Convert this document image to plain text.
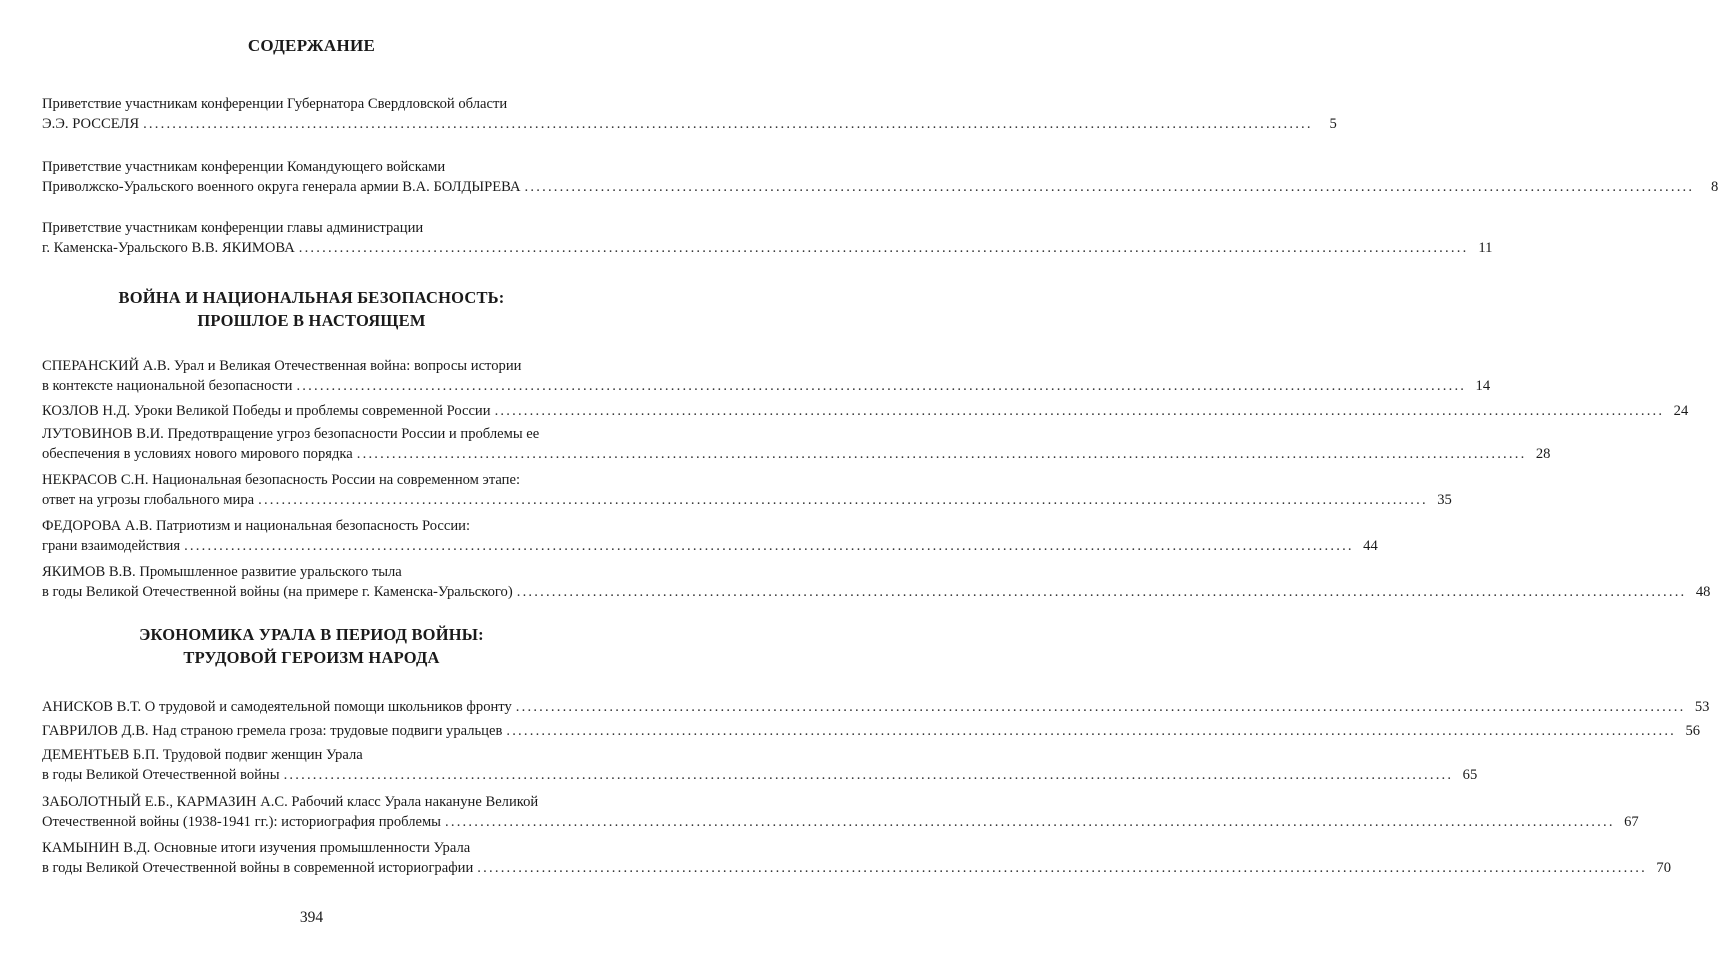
СОДЕРЖАНИЕ
Приветствие участникам конференции Губернатора Свердловской области
Э.Э. РОССЕЛЯ ........................................................................................................................................................................................................	5
Приветствие участникам конференции Командующего войсками
Приволжско-Уральского военного округа генерала армии В.А. БОЛДЫРЕВА ........................................................................................................................................................................................................	8
Приветствие участникам конференции главы администрации
г. Каменска-Уральского В.В. ЯКИМОВА ........................................................................................................................................................................................................ 11
ВОЙНА И НАЦИОНАЛЬНАЯ БЕЗОПАСНОСТЬ:
ПРОШЛОЕ В НАСТОЯЩЕМ
СПЕРАНСКИЙ А.В. Урал и Великая Отечественная война: вопросы истории
в контексте национальной безопасности ........................................................................................................................................................................................................ 14
КОЗЛОВ Н.Д. Уроки Великой Победы и проблемы современной России ........................................................................................................................................................................................................ 24
ЛУТОВИНОВ В.И. Предотвращение угроз безопасности России и проблемы ее
обеспечения в условиях нового мирового порядка ........................................................................................................................................................................................................ 28
НЕКРАСОВ С.Н. Национальная безопасность России на современном этапе:
ответ на угрозы глобального мира ........................................................................................................................................................................................................ 35
ФЕДОРОВА А.В. Патриотизм и национальная безопасность России:
грани взаимодействия ........................................................................................................................................................................................................ 44
ЯКИМОВ В.В. Промышленное развитие уральского тыла
в годы Великой Отечественной войны (на примере г. Каменска-Уральского) ........................................................................................................................................................................................................ 48
ЭКОНОМИКА УРАЛА В ПЕРИОД ВОЙНЫ:
ТРУДОВОЙ ГЕРОИЗМ НАРОДА
АНИСКОВ В.Т. О трудовой и самодеятельной помощи школьников фронту ........................................................................................................................................................................................................ 53
ГАВРИЛОВ Д.В. Над страною гремела гроза: трудовые подвиги уральцев ........................................................................................................................................................................................................ 56
ДЕМЕНТЬЕВ Б.П. Трудовой подвиг женщин Урала
в годы Великой Отечественной войны ........................................................................................................................................................................................................ 65
ЗАБОЛОТНЫЙ Е.Б., КАРМАЗИН А.С. Рабочий класс Урала накануне Великой
Отечественной войны (1938-1941 гг.): историография проблемы ........................................................................................................................................................................................................ 67
КАМЫНИН В.Д. Основные итоги изучения промышленности Урала
в годы Великой Отечественной войны в современной историографии ........................................................................................................................................................................................................ 70
394
